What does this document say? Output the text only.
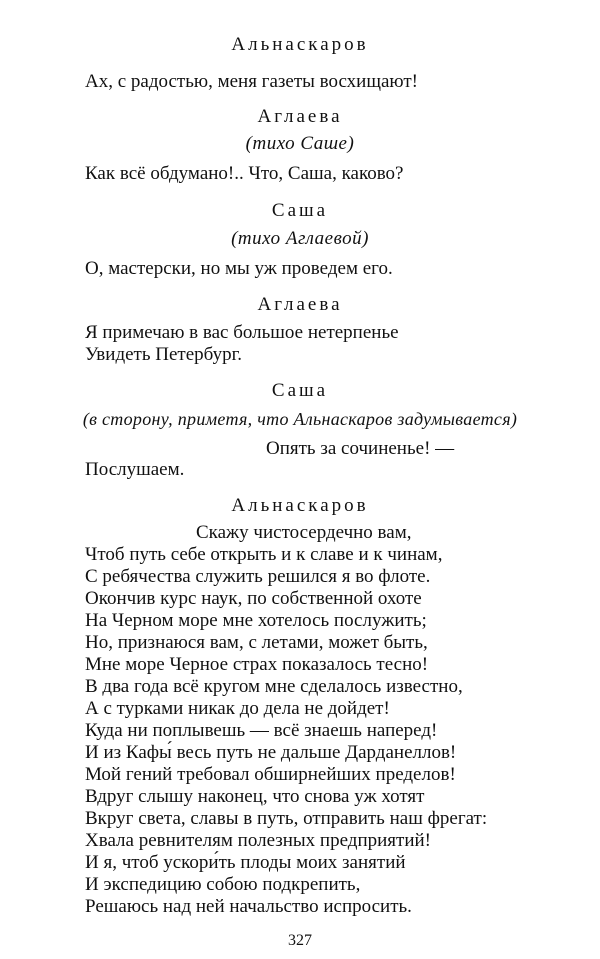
Альнаскаров
Ах, с радостью, меня газеты восхищают!
Аглаева
(тихо Саше)
Как всё обдумано!.. Что, Саша, каково?
Саша
(тихо Аглаевой)
О, мастерски, но мы уж проведем его.
Аглаева
Я примечаю в вас большое нетерпенье
Увидеть Петербург.
Саша
(в сторону, приметя, что Альнаскаров задумывается)
Опять за сочиненье! —
Послушаем.
Альнаскаров
Скажу чистосердечно вам,
Чтоб путь себе открыть и к славе и к чинам,
С ребячества служить решился я во флоте.
Окончив курс наук, по собственной охоте
На Черном море мне хотелось послужить;
Но, признаюся вам, с летами, может быть,
Мне море Черное страх показалось тесно!
В два года всё кругом мне сделалось известно,
А с турками никак до дела не дойдет!
Куда ни поплывешь — всё знаешь наперед!
И из Кафы́ весь путь не дальше Дарданеллов!
Мой гений требовал обширнейших пределов!
Вдруг слышу наконец, что снова уж хотят
Вкруг света, славы в путь, отправить наш фрегат:
Хвала ревнителям полезных предприятий!
И я, чтоб ускори́ть плоды моих занятий
И экспедицию собою подкрепить,
Решаюсь над ней начальство испросить.
327
